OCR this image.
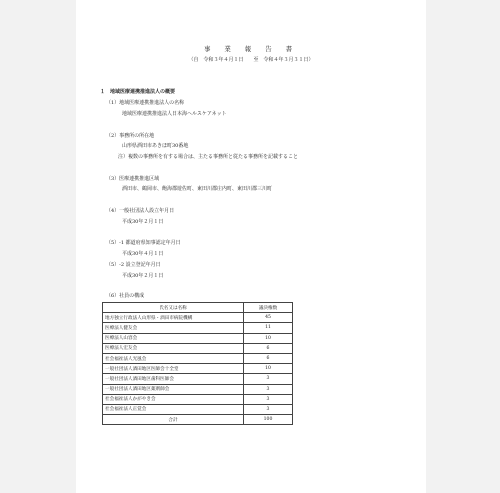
事 業 報 告 書
（自　令和３年４月１日　　至　令和４年３月３１日）
１　地域医療連携推進法人の概要
（1）地域医療連携推進法人の名称
地域医療連携推進法人日本海ヘルスケアネット
（2）事務所の所在地
山形県酒田市あきほ町30番地
注）複数の事務所を有する場合は、主たる事務所と従たる事務所を記載すること
（3）医療連携推進区域
酒田市、鶴岡市、飽海郡遊佐町、東田川郡庄内町、東田川郡三川町
（4）一般社団法人設立年月日
平成30年２月１日
（5）-1 都道府県知事認定年月日
平成30年４月１日
（5）-2 設立登記年月日
平成30年２月１日
（6）社員の構成
氏名又は名称	議決権数
地方独立行政法人山形県・酒田市病院機構	45
医療法人健友会	11
医療法人山容会	10
医療法人宏友会	6
社会福祉法人光風会	6
一般社団法人酒田地区医師会十全堂	10
一般社団法人酒田地区歯科医師会	3
一般社団法人酒田地区薬剤師会	3
社会福祉法人かがやき会	3
社会福祉法人正覚会	3
合計	100
